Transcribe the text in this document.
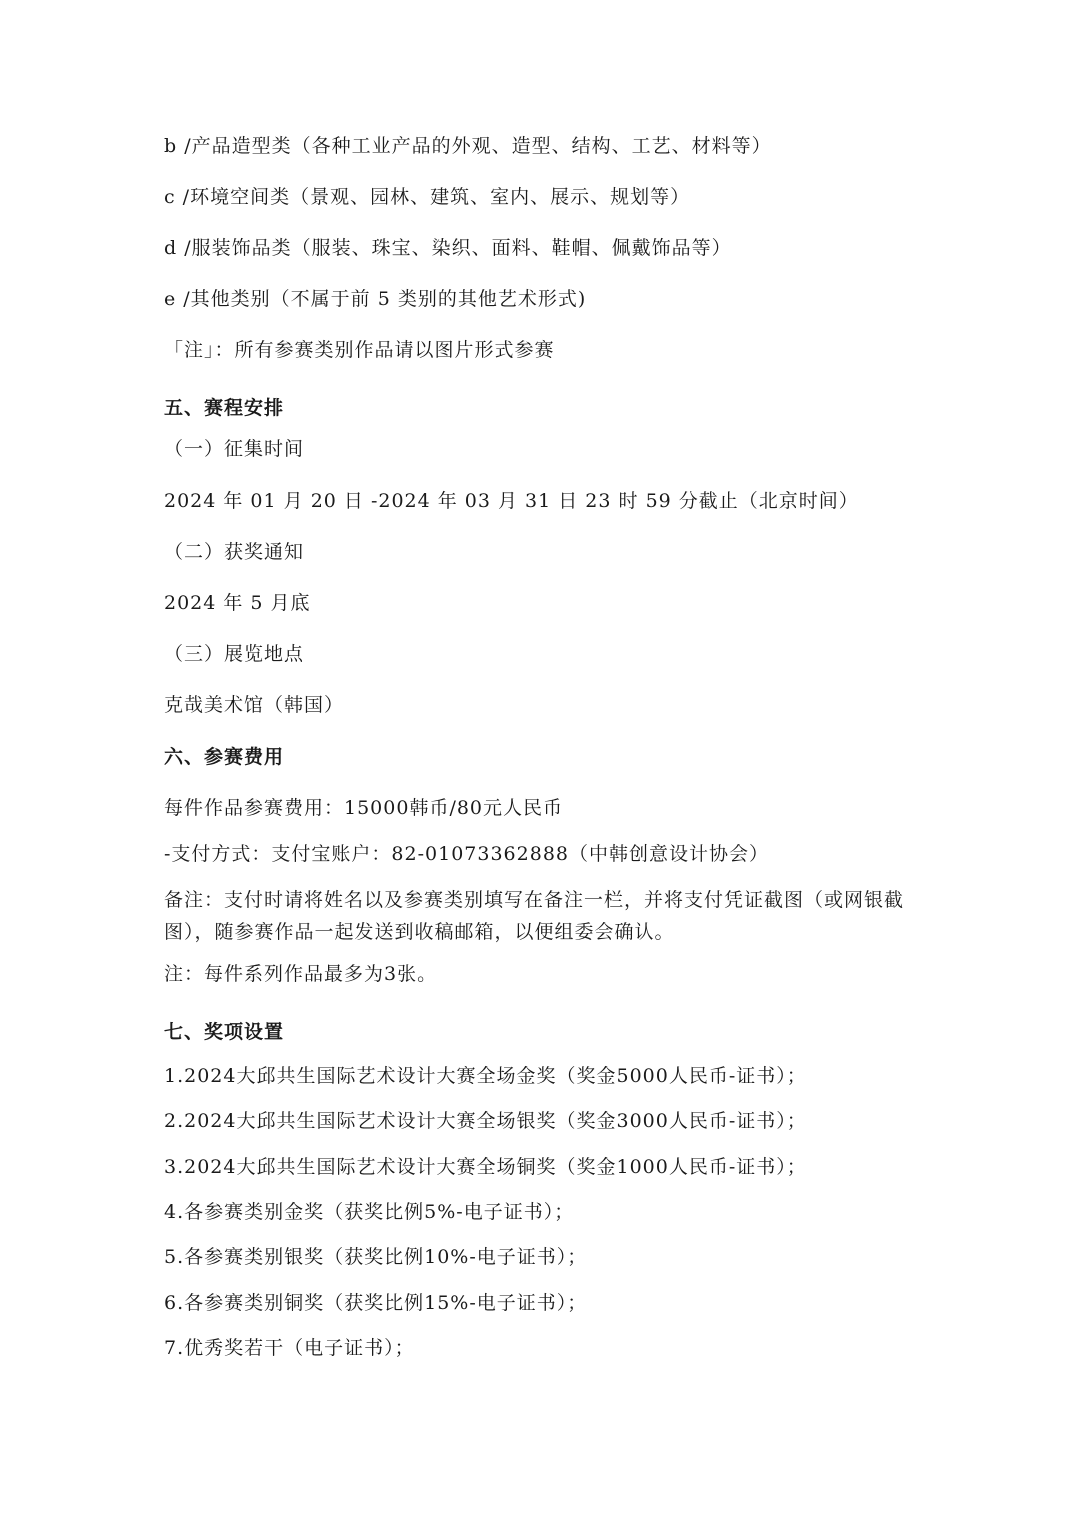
b /产品造型类（各种工业产品的外观、造型、结构、工艺、材料等）
c /环境空间类（景观、园林、建筑、室内、展示、规划等）
d /服装饰品类（服装、珠宝、染织、面料、鞋帽、佩戴饰品等）
e /其他类别（不属于前 5 类别的其他艺术形式)
「注」：所有参赛类别作品请以图片形式参赛
五、赛程安排
（一）征集时间
2024 年 01 月 20 日 -2024 年 03 月 31 日 23 时 59 分截止（北京时间）
（二）获奖通知
2024 年 5 月底
（三）展览地点
克哉美术馆（韩国）
六、参赛费用
每件作品参赛费用：15000韩币/80元人民币
-支付方式：支付宝账户：82-01073362888（中韩创意设计协会）
备注：支付时请将姓名以及参赛类别填写在备注一栏，并将支付凭证截图（或网银截图），随参赛作品一起发送到收稿邮箱，以便组委会确认。
注：每件系列作品最多为3张。
七、奖项设置
1.2024大邱共生国际艺术设计大赛全场金奖（奖金5000人民币-证书）；
2.2024大邱共生国际艺术设计大赛全场银奖（奖金3000人民币-证书）；
3.2024大邱共生国际艺术设计大赛全场铜奖（奖金1000人民币-证书）；
4.各参赛类别金奖（获奖比例5%-电子证书）；
5.各参赛类别银奖（获奖比例10%-电子证书）；
6.各参赛类别铜奖（获奖比例15%-电子证书）；
7.优秀奖若干（电子证书）；
